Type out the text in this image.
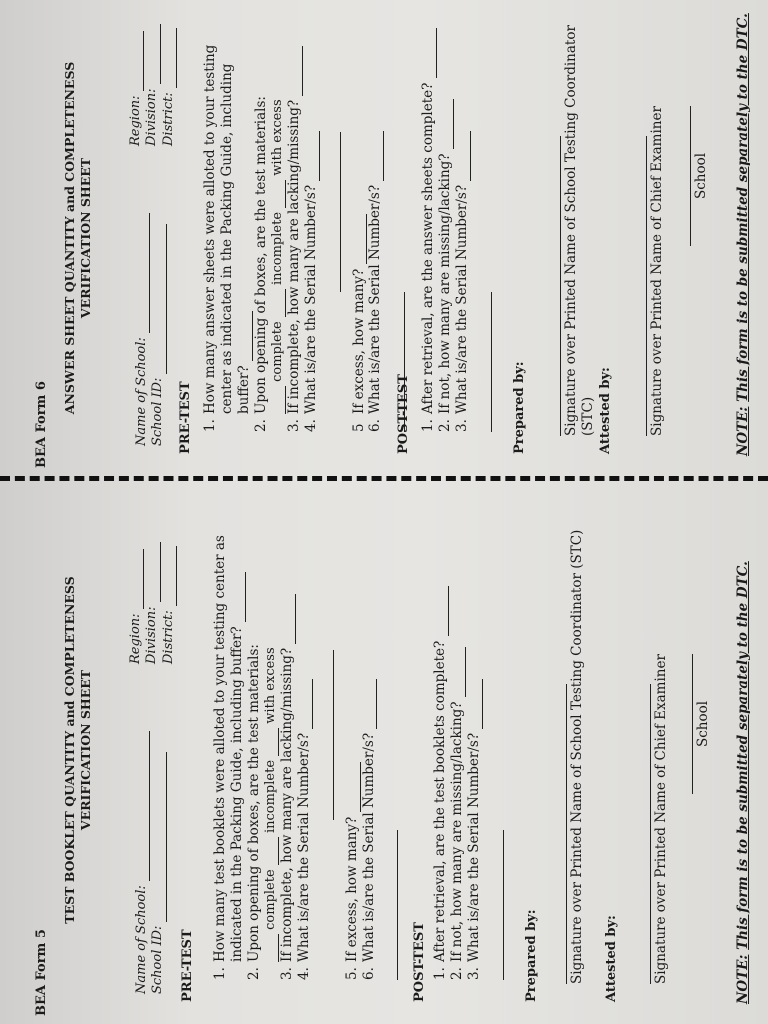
BEA Form 6
ANSWER SHEET QUANTITY and COMPLETENESS VERIFICATION SHEET
Name of School: School ID:
Region: Division: District:
PRE-TEST 1.
How many answer sheets were alloted to your testing center as indicated in the Packing Guide, including buffer?
2.
Upon opening of boxes, are the test materials: complete  incomplete  with excess
3.
If incomplete, how many are lacking/missing?
4.
What is/are the Serial Number/s?
5
If excess, how many?
6.
What is/are the Serial Number/s?
POST-TEST 1.
After retrieval, are the answer sheets complete?
2.
If not, how many are missing/lacking?
3.
What is/are the Serial Number/s?	Prepared by:	Signature over Printed Name of School Testing Coordinator (STC) Attested by:	Signature over Printed Name of Chief Examiner School
NOTE: This form is to be submitted separately to the DTC.
BEA Form 5
TEST BOOKLET QUANTITY and COMPLETENESS VERIFICATION SHEET
Name of School: School ID:
Region: Division: District:
PRE-TEST 1.
How many test booklets were alloted to your testing center as indicated in the Packing Guide, including buffer?
2.
Upon opening of boxes, are the test materials: complete  incomplete  with excess
3.
If incomplete, how many are lacking/missing?
4.
What is/are the Serial Number/s?
5.
If excess, how many?
6.
What is/are the Serial Number/s?
POST-TEST 1.
After retrieval, are the test booklets complete?
2.
If not, how many are missing/lacking?
3.
What is/are the Serial Number/s?	Prepared by: Signature over Printed Name of School Testing Coordinator (STC) Attested by:	Signature over Printed Name of Chief Examiner School
NOTE: This form is to be submitted separately to the DTC.
